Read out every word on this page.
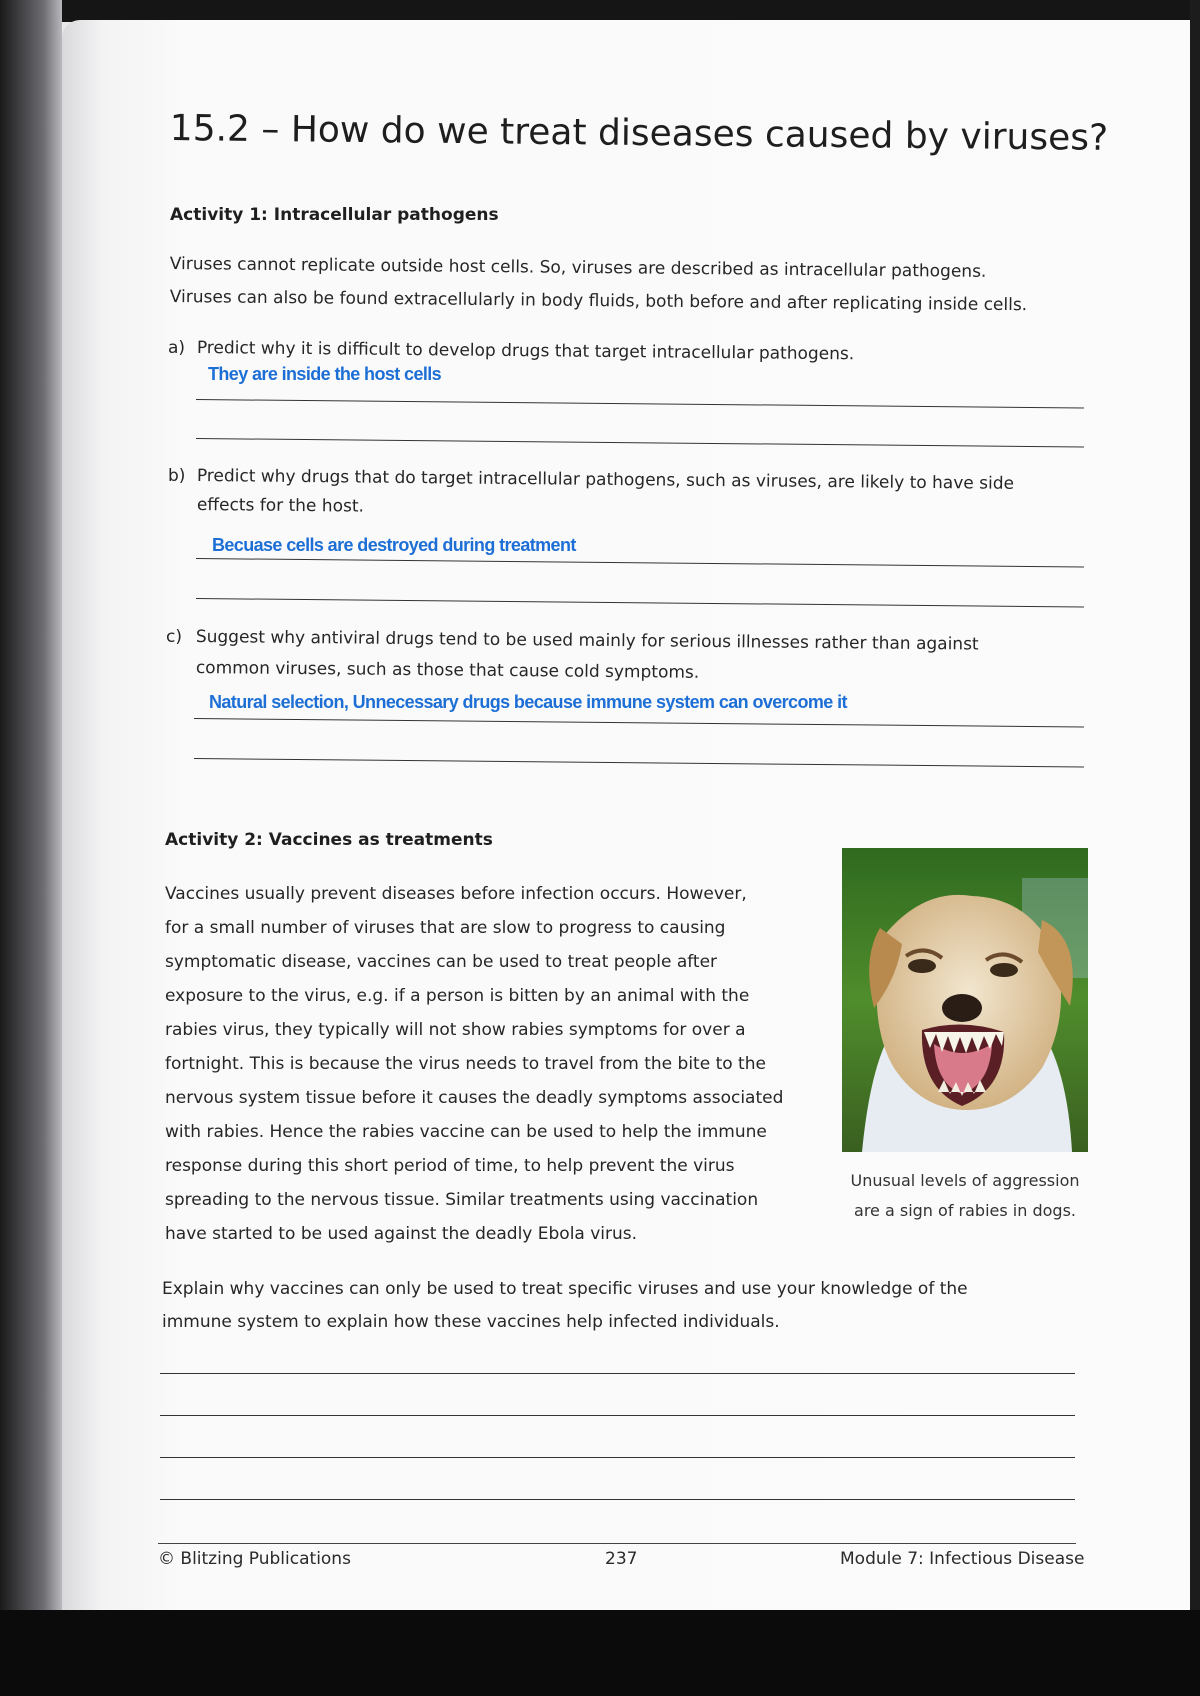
15.2 – How do we treat diseases caused by viruses?
Activity 1: Intracellular pathogens
Viruses cannot replicate outside host cells. So, viruses are described as intracellular pathogens.
Viruses can also be found extracellularly in body fluids, both before and after replicating inside cells.
a) Predict why it is difficult to develop drugs that target intracellular pathogens.
They are inside the host cells
b) Predict why drugs that do target intracellular pathogens, such as viruses, are likely to have side
effects for the host.
Becuase cells are destroyed during treatment
c) Suggest why antiviral drugs tend to be used mainly for serious illnesses rather than against
common viruses, such as those that cause cold symptoms.
Natural selection, Unnecessary drugs because immune system can overcome it
Activity 2: Vaccines as treatments
Vaccines usually prevent diseases before infection occurs. However,
for a small number of viruses that are slow to progress to causing
symptomatic disease, vaccines can be used to treat people after
exposure to the virus, e.g. if a person is bitten by an animal with the
rabies virus, they typically will not show rabies symptoms for over a
fortnight. This is because the virus needs to travel from the bite to the
nervous system tissue before it causes the deadly symptoms associated
with rabies. Hence the rabies vaccine can be used to help the immune
response during this short period of time, to help prevent the virus
spreading to the nervous tissue. Similar treatments using vaccination
have started to be used against the deadly Ebola virus.
Unusual levels of aggression
are a sign of rabies in dogs.
Explain why vaccines can only be used to treat specific viruses and use your knowledge of the
immune system to explain how these vaccines help infected individuals.
© Blitzing Publications	237	Module 7: Infectious Disease
